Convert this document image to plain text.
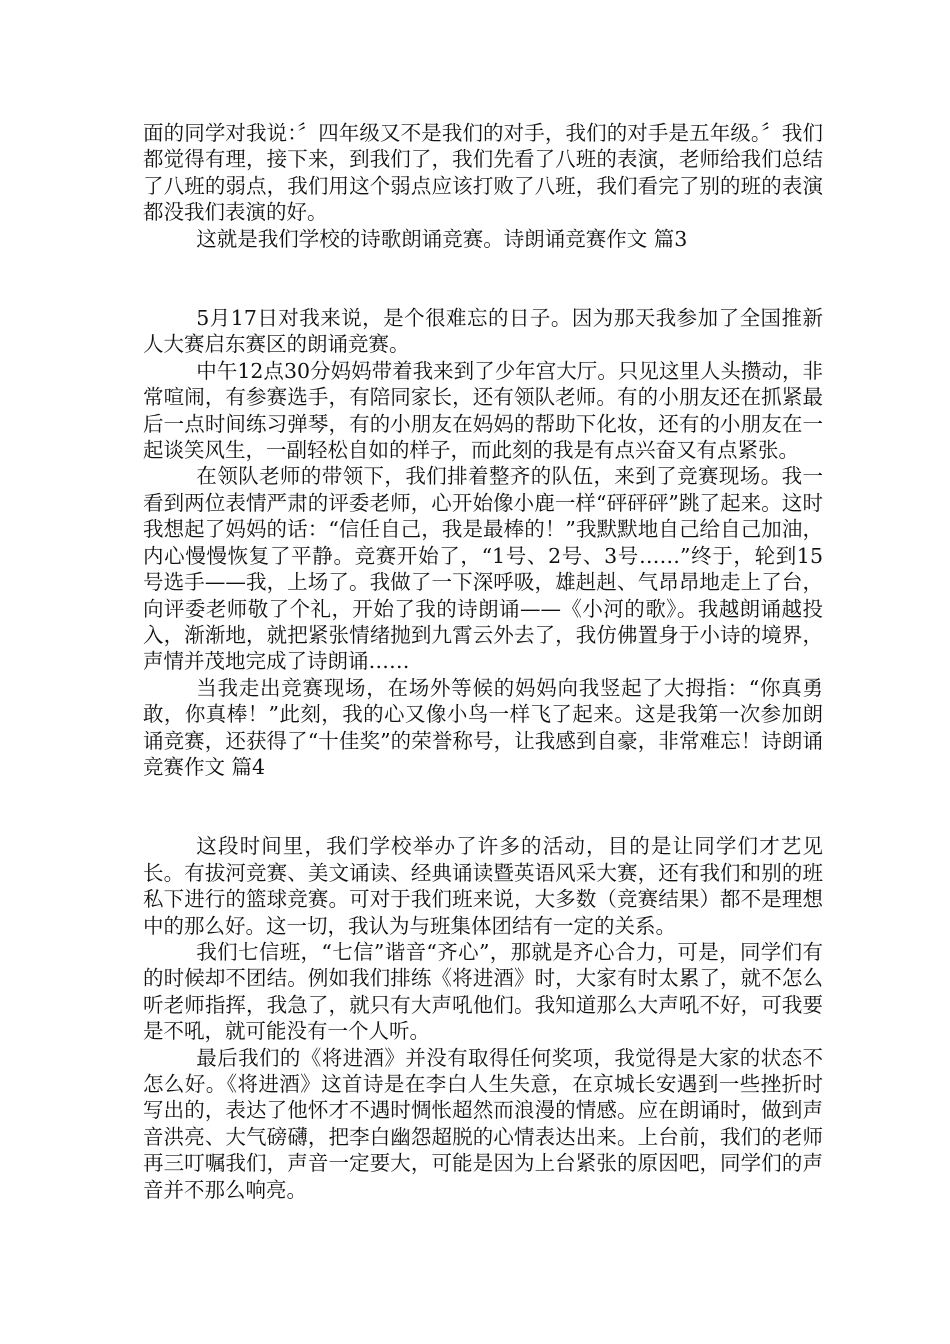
面的同学对我说：〞四年级又不是我们的对手，我们的对手是五年级。〞我们都觉得有理，接下来，到我们了，我们先看了八班的表演，老师给我们总结了八班的弱点，我们用这个弱点应该打败了八班，我们看完了别的班的表演都没我们表演的好。

这就是我们学校的诗歌朗诵竞赛。诗朗诵竞赛作文 篇3

5月17日对我来说，是个很难忘的日子。因为那天我参加了全国推新人大赛启东赛区的朗诵竞赛。

中午12点30分妈妈带着我来到了少年宫大厅。只见这里人头攒动，非常喧闹，有参赛选手，有陪同家长，还有领队老师。有的小朋友还在抓紧最后一点时间练习弹琴，有的小朋友在妈妈的帮助下化妆，还有的小朋友在一起谈笑风生，一副轻松自如的样子，而此刻的我是有点兴奋又有点紧张。

在领队老师的带领下，我们排着整齐的队伍，来到了竞赛现场。我一看到两位表情严肃的评委老师，心开始像小鹿一样“砰砰砰”跳了起来。这时我想起了妈妈的话：“信任自己，我是最棒的！”我默默地自己给自己加油，内心慢慢恢复了平静。竞赛开始了，“1号、2号、3号……”终于，轮到15号选手——我，上场了。我做了一下深呼吸，雄赳赳、气昂昂地走上了台，向评委老师敬了个礼，开始了我的诗朗诵——《小河的歌》。我越朗诵越投入，渐渐地，就把紧张情绪抛到九霄云外去了，我仿佛置身于小诗的境界，声情并茂地完成了诗朗诵……

当我走出竞赛现场，在场外等候的妈妈向我竖起了大拇指：“你真勇敢，你真棒！”此刻，我的心又像小鸟一样飞了起来。这是我第一次参加朗诵竞赛，还获得了“十佳奖”的荣誉称号，让我感到自豪，非常难忘！诗朗诵竞赛作文 篇4

这段时间里，我们学校举办了许多的活动，目的是让同学们才艺见长。有拔河竞赛、美文诵读、经典诵读暨英语风采大赛，还有我们和别的班私下进行的篮球竞赛。可对于我们班来说，大多数（竞赛结果）都不是理想中的那么好。这一切，我认为与班集体团结有一定的关系。

我们七信班，“七信”谐音“齐心”，那就是齐心合力，可是，同学们有的时候却不团结。例如我们排练《将进酒》时，大家有时太累了，就不怎么听老师指挥，我急了，就只有大声吼他们。我知道那么大声吼不好，可我要是不吼，就可能没有一个人听。

最后我们的《将进酒》并没有取得任何奖项，我觉得是大家的状态不怎么好。《将进酒》这首诗是在李白人生失意，在京城长安遇到一些挫折时写出的，表达了他怀才不遇时惆怅超然而浪漫的情感。应在朗诵时，做到声音洪亮、大气磅礴，把李白幽怨超脱的心情表达出来。上台前，我们的老师再三叮嘱我们，声音一定要大，可能是因为上台紧张的原因吧，同学们的声音并不那么响亮。
